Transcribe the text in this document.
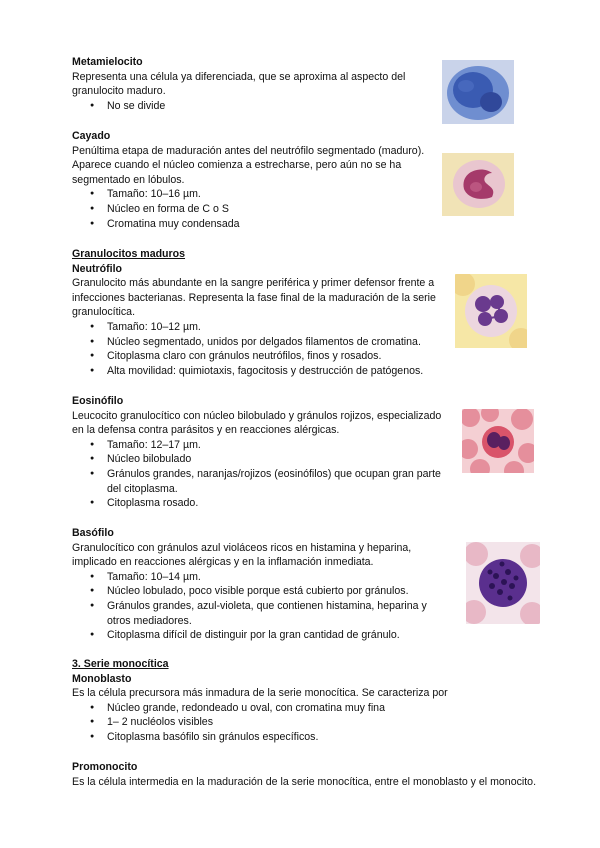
Metamielocito
Representa una célula ya diferenciada, que se aproxima al aspecto del granulocito maduro.
● No se divide
Cayado
Penúltima etapa de maduración antes del neutrófilo segmentado (maduro). Aparece cuando el núcleo comienza a estrecharse, pero aún no se ha segmentado en lóbulos.
● Tamaño: 10–16 µm.
● Núcleo en forma de C o S
● Cromatina muy condensada
Granulocitos maduros
Neutrófilo
Granulocito más abundante en la sangre periférica y primer defensor frente a infecciones bacterianas. Representa la fase final de la maduración de la serie granulocítica.
● Tamaño: 10–12 µm.
● Núcleo segmentado, unidos por delgados filamentos de cromatina.
● Citoplasma claro con gránulos neutrófilos, finos y rosados.
● Alta movilidad: quimiotaxis, fagocitosis y destrucción de patógenos.
Eosinófilo
Leucocito granulocítico con núcleo bilobulado y gránulos rojizos, especializado en la defensa contra parásitos y en reacciones alérgicas.
● Tamaño: 12–17 µm.
● Núcleo bilobulado
● Gránulos grandes, naranjas/rojizos (eosinófilos) que ocupan gran parte del citoplasma.
● Citoplasma rosado.
Basófilo
Granulocítico con gránulos azul violáceos ricos en histamina y heparina, implicado en reacciones alérgicas y en la inflamación inmediata.
● Tamaño: 10–14 µm.
● Núcleo lobulado, poco visible porque está cubierto por gránulos.
● Gránulos grandes, azul-violeta, que contienen histamina, heparina y otros mediadores.
● Citoplasma difícil de distinguir por la gran cantidad de gránulo.
3. Serie monocítica
Monoblasto
Es la célula precursora más inmadura de la serie monocítica. Se caracteriza por
● Núcleo grande, redondeado u oval, con cromatina muy fina
● 1– 2 nucléolos visibles
● Citoplasma basófilo sin gránulos específicos.
Promonocito
Es la célula intermedia en la maduración de la serie monocítica, entre el monoblasto y el monocito.
